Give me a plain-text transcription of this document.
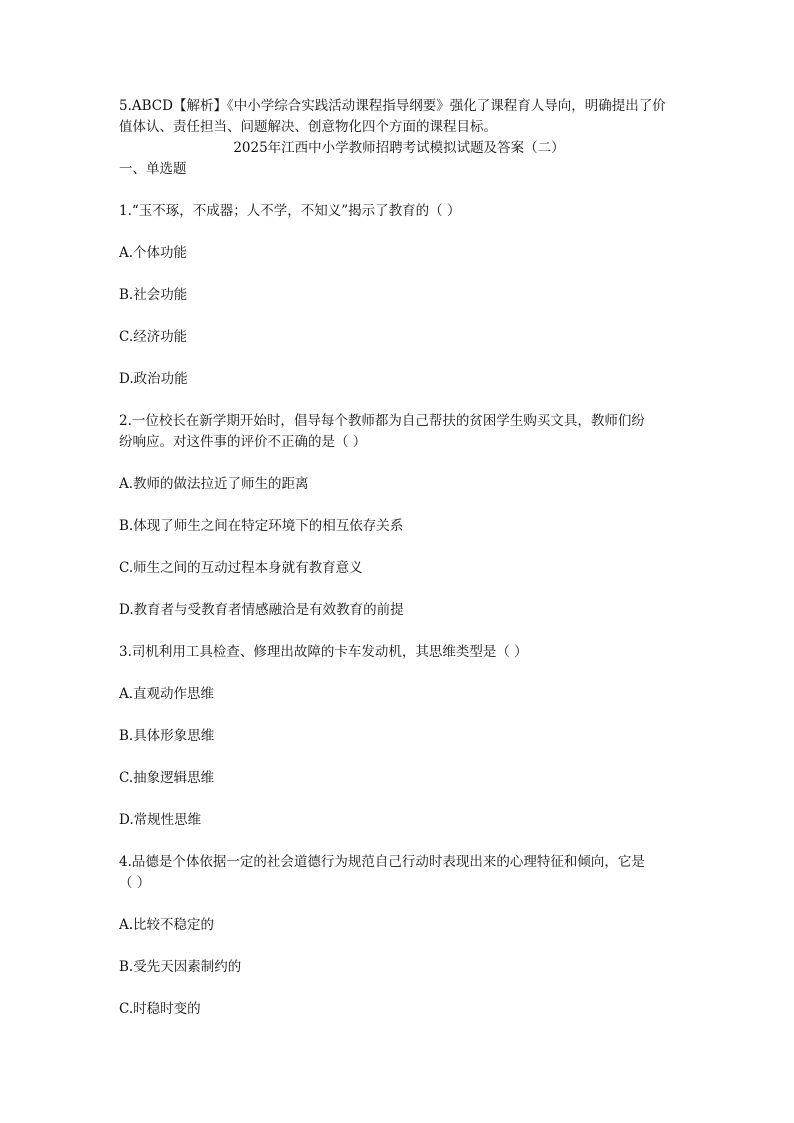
5.ABCD【解析】《中小学综合实践活动课程指导纲要》强化了课程育人导向，明确提出了价
值体认、责任担当、问题解决、创意物化四个方面的课程目标。

2025年江西中小学教师招聘考试模拟试题及答案（二）
一、单选题
1.“玉不琢，不成器；人不学，不知义”揭示了教育的（ ）
A.个体功能
B.社会功能
C.经济功能
D.政治功能
2.一位校长在新学期开始时，倡导每个教师都为自己帮扶的贫困学生购买文具，教师们纷
纷响应。对这件事的评价不正确的是（ ）
A.教师的做法拉近了师生的距离
B.体现了师生之间在特定环境下的相互依存关系
C.师生之间的互动过程本身就有教育意义
D.教育者与受教育者情感融洽是有效教育的前提
3.司机利用工具检查、修理出故障的卡车发动机，其思维类型是（ ）
A.直观动作思维
B.具体形象思维
C.抽象逻辑思维
D.常规性思维
4.品德是个体依据一定的社会道德行为规范自己行动时表现出来的心理特征和倾向，它是
（ ）
A.比较不稳定的
B.受先天因素制约的
C.时稳时变的
